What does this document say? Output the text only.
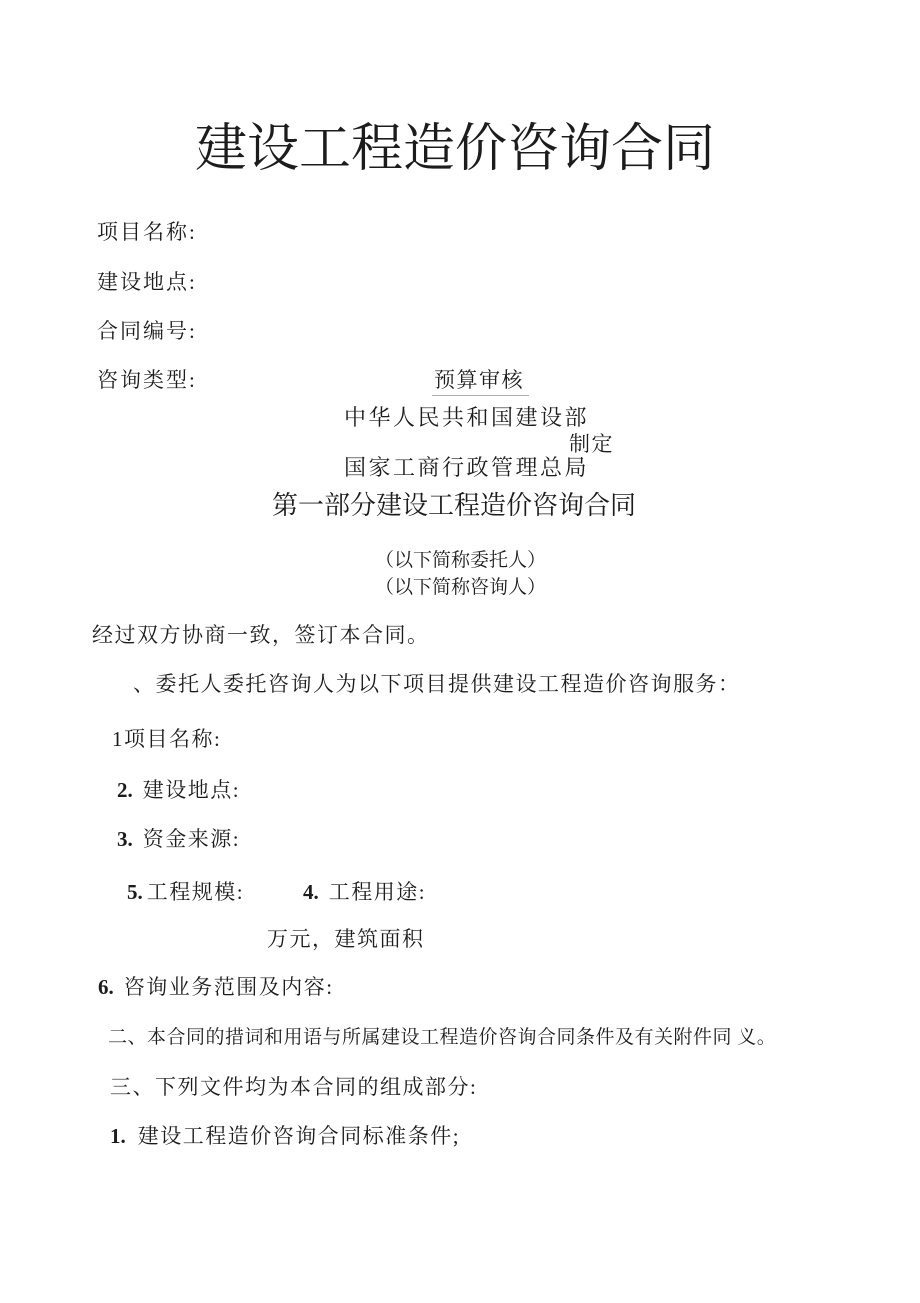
建设工程造价咨询合同
项目名称:
建设地点:
合同编号:
咨询类型:	预算审核
中华人民共和国建设部
制定
国家工商行政管理总局
第一部分建设工程造价咨询合同
（以下简称委托人）
（以下简称咨询人）
经过双方协商一致，签订本合同。
、委托人委托咨询人为以下项目提供建设工程造价咨询服务：
1项目名称:
2. 建设地点:
3. 资金来源:
5. 工程规模:	4. 工程用途:
万元，建筑面积
6. 咨询业务范围及内容:
二、本合同的措词和用语与所属建设工程造价咨询合同条件及有关附件同 义。
三、下列文件均为本合同的组成部分:
1. 建设工程造价咨询合同标准条件;
